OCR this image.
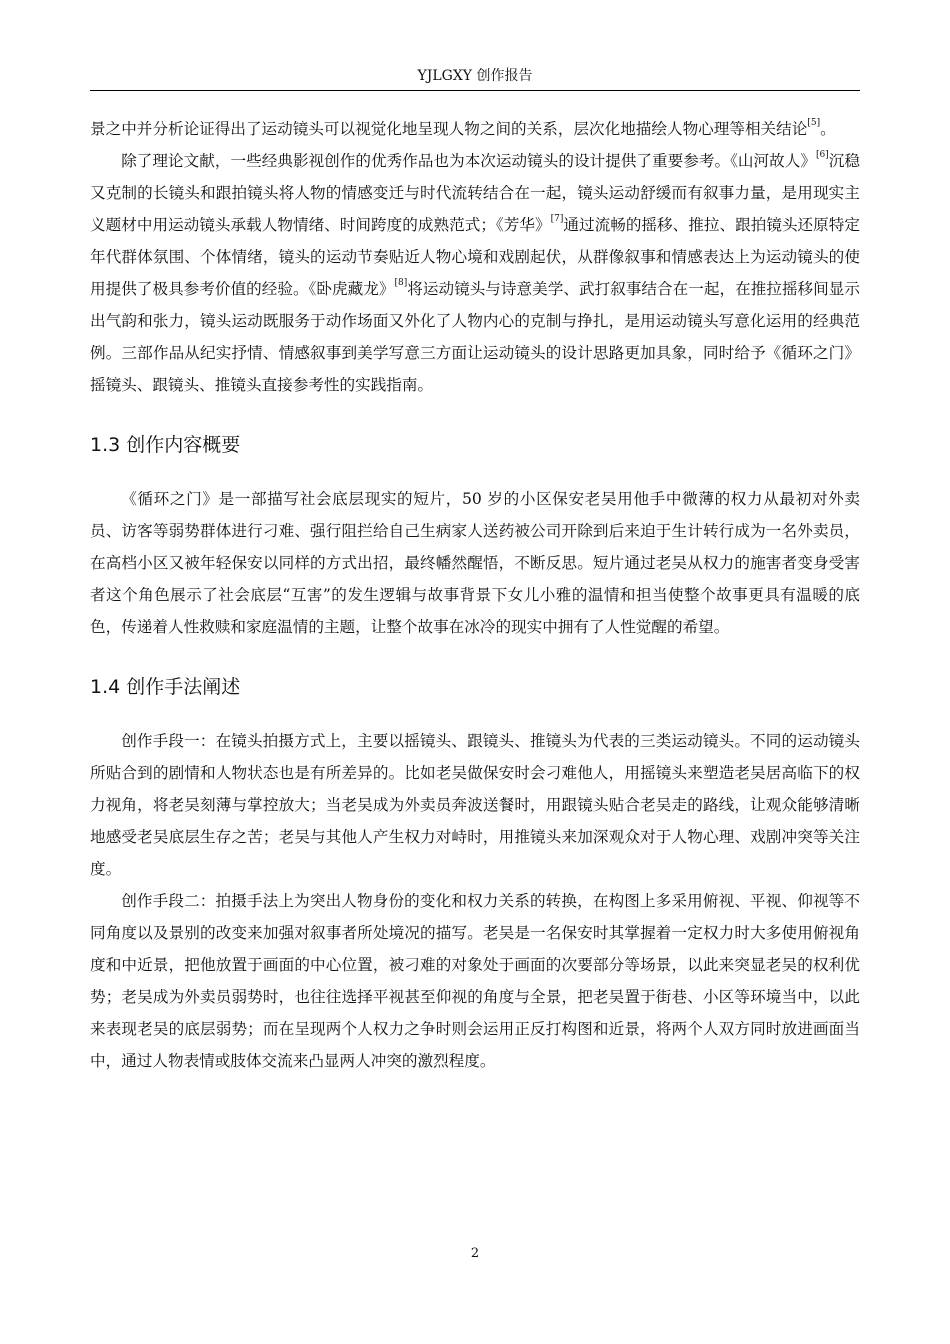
YJLGXY 创作报告

景之中并分析论证得出了运动镜头可以视觉化地呈现人物之间的关系，层次化地描绘人物心理等相关结论[5]。

除了理论文献，一些经典影视创作的优秀作品也为本次运动镜头的设计提供了重要参考。《山河故人》[6]沉稳又克制的长镜头和跟拍镜头将人物的情感变迁与时代流转结合在一起，镜头运动舒缓而有叙事力量，是用现实主义题材中用运动镜头承载人物情绪、时间跨度的成熟范式；《芳华》[7]通过流畅的摇移、推拉、跟拍镜头还原特定年代群体氛围、个体情绪，镜头的运动节奏贴近人物心境和戏剧起伏，从群像叙事和情感表达上为运动镜头的使用提供了极具参考价值的经验。《卧虎藏龙》[8]将运动镜头与诗意美学、武打叙事结合在一起，在推拉摇移间显示出气韵和张力，镜头运动既服务于动作场面又外化了人物内心的克制与挣扎，是用运动镜头写意化运用的经典范例。三部作品从纪实抒情、情感叙事到美学写意三方面让运动镜头的设计思路更加具象，同时给予《循环之门》摇镜头、跟镜头、推镜头直接参考性的实践指南。

1.3 创作内容概要

《循环之门》是一部描写社会底层现实的短片，50 岁的小区保安老吴用他手中微薄的权力从最初对外卖员、访客等弱势群体进行刁难、强行阻拦给自己生病家人送药被公司开除到后来迫于生计转行成为一名外卖员，在高档小区又被年轻保安以同样的方式出招，最终幡然醒悟，不断反思。短片通过老吴从权力的施害者变身受害者这个角色展示了社会底层“互害”的发生逻辑与故事背景下女儿小雅的温情和担当使整个故事更具有温暖的底色，传递着人性救赎和家庭温情的主题，让整个故事在冰冷的现实中拥有了人性觉醒的希望。

1.4 创作手法阐述

创作手段一：在镜头拍摄方式上，主要以摇镜头、跟镜头、推镜头为代表的三类运动镜头。不同的运动镜头所贴合到的剧情和人物状态也是有所差异的。比如老吴做保安时会刁难他人，用摇镜头来塑造老吴居高临下的权力视角，将老吴刻薄与掌控放大；当老吴成为外卖员奔波送餐时，用跟镜头贴合老吴走的路线，让观众能够清晰地感受老吴底层生存之苦；老吴与其他人产生权力对峙时，用推镜头来加深观众对于人物心理、戏剧冲突等关注度。

创作手段二：拍摄手法上为突出人物身份的变化和权力关系的转换，在构图上多采用俯视、平视、仰视等不同角度以及景别的改变来加强对叙事者所处境况的描写。老吴是一名保安时其掌握着一定权力时大多使用俯视角度和中近景，把他放置于画面的中心位置，被刁难的对象处于画面的次要部分等场景，以此来突显老吴的权利优势；老吴成为外卖员弱势时，也往往选择平视甚至仰视的角度与全景，把老吴置于街巷、小区等环境当中，以此来表现老吴的底层弱势；而在呈现两个人权力之争时则会运用正反打构图和近景，将两个人双方同时放进画面当中，通过人物表情或肢体交流来凸显两人冲突的激烈程度。

2
